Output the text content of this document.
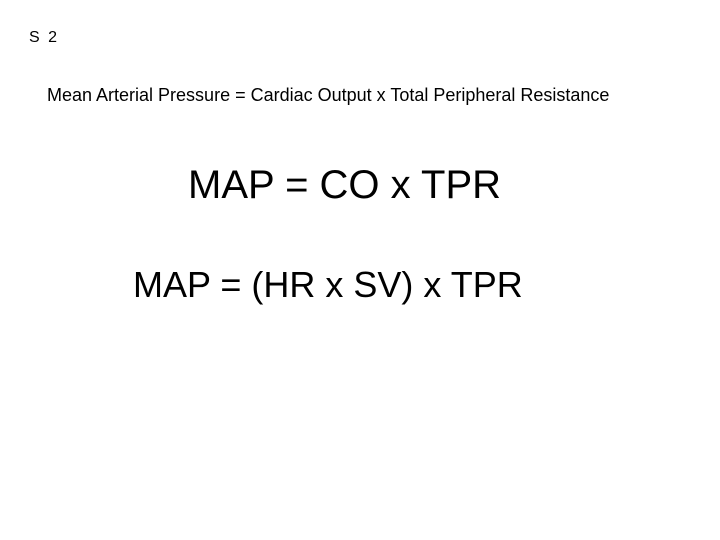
S 2
Mean Arterial Pressure = Cardiac Output x Total Peripheral Resistance
MAP = CO x TPR
MAP = (HR x SV) x TPR
